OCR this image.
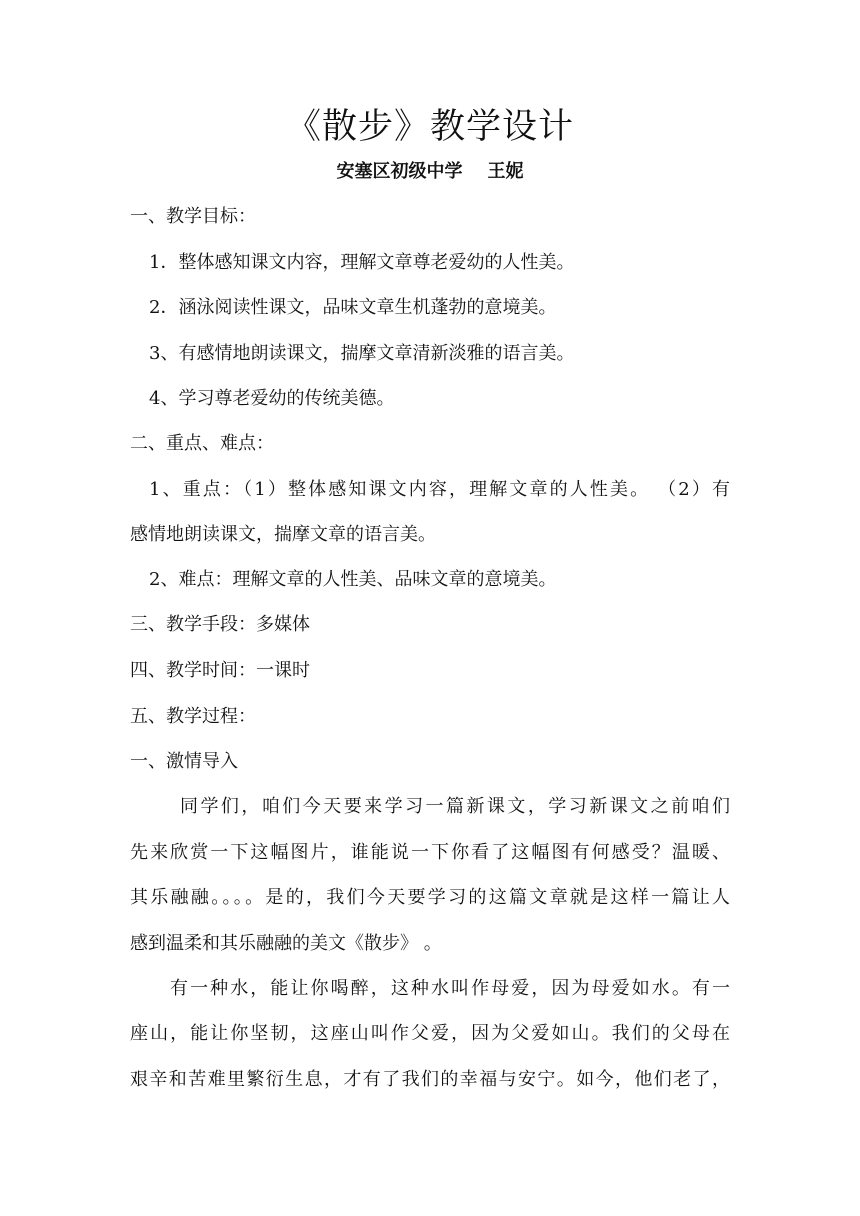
《散步》教学设计
安塞区初级中学    王妮
一、教学目标：
1．整体感知课文内容，理解文章尊老爱幼的人性美。
2．涵泳阅读性课文，品味文章生机蓬勃的意境美。
3、有感情地朗读课文，揣摩文章清新淡雅的语言美。
4、学习尊老爱幼的传统美德。
二、重点、难点：
1、重点：（1）整体感知课文内容，理解文章的人性美。 （2）有
感情地朗读课文，揣摩文章的语言美。
2、难点：理解文章的人性美、品味文章的意境美。
三、教学手段：多媒体
四、教学时间：一课时
五、教学过程：
一、激情导入
同学们，咱们今天要来学习一篇新课文，学习新课文之前咱们
先来欣赏一下这幅图片，谁能说一下你看了这幅图有何感受？温暖、
其乐融融。。。。是的，我们今天要学习的这篇文章就是这样一篇让人
感到温柔和其乐融融的美文《散步》 。
有一种水，能让你喝醉，这种水叫作母爱，因为母爱如水。有一
座山，能让你坚韧，这座山叫作父爱，因为父爱如山。我们的父母在
艰辛和苦难里繁衍生息，才有了我们的幸福与安宁。如今，他们老了，
